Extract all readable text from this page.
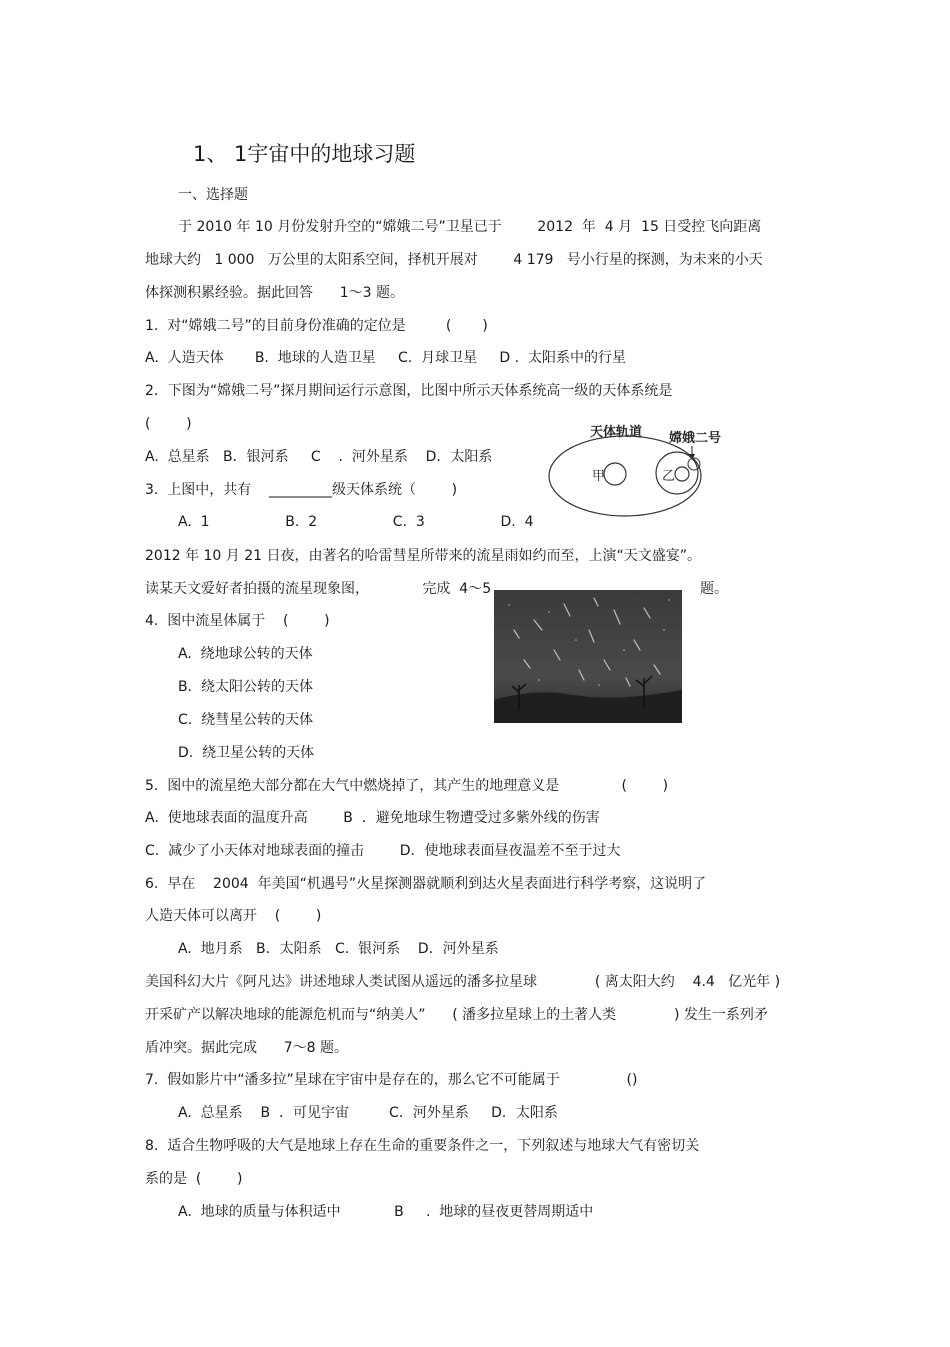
1、 1宇宙中的地球习题
一、选择题
于 2010 年 10 月份发射升空的“嫦娥二号”卫星已于        2012  年  4 月  15 日受控飞向距离
地球大约   1 000   万公里的太阳系空间，择机开展对        4 179   号小行星的探测，为未来的小天
体探测积累经验。据此回答      1～3 题。
1.  对“嫦娥二号”的目前身份准确的定位是         (       )
A.  人造天体       B.  地球的人造卫星     C.  月球卫星     D .  太阳系中的行星
2．下图为“嫦娥二号”探月期间运行示意图，比图中所示天体系统高一级的天体系统是
(        )
A.  总星系   B．银河系     C    .  河外星系    D．太阳系
3.  上图中，共有    _________级天体系统（        )
A.  1                 B.  2                 C.  3                 D.  4
天体轨道 嫦娥二号
甲	乙
2012 年 10 月 21 日夜，由著名的哈雷彗星所带来的流星雨如约而至，上演“天文盛宴”。
读某天文爱好者拍摄的流星现象图，            完成  4～5	题。
4.  图中流星体属于    (        )
A.  绕地球公转的天体
B.  绕太阳公转的天体
C.  绕彗星公转的天体
D.  绕卫星公转的天体
5.  图中的流星绝大部分都在大气中燃烧掉了，其产生的地理意义是              (        )
A.  使地球表面的温度升高        B  ．避免地球生物遭受过多紫外线的伤害
C.  减少了小天体对地球表面的撞击        D．使地球表面昼夜温差不至于过大
6.  早在    2004  年美国“机遇号”火星探测器就顺利到达火星表面进行科学考察，这说明了
人造天体可以离开    (        )
A.  地月系   B．太阳系   C.  银河系    D．河外星系
美国科幻大片《阿凡达》讲述地球人类试图从遥远的潘多拉星球             ( 离太阳大约    4.4   亿光年 )
开采矿产以解决地球的能源危机而与“纳美人”      ( 潘多拉星球上的土著人类             ) 发生一系列矛
盾冲突。据此完成      7～8 题。
7.  假如影片中“潘多拉”星球在宇宙中是存在的，那么它不可能属于               ()
A.  总星系    B  ．可见宇宙         C．河外星系     D．太阳系
8.  适合生物呼吸的大气是地球上存在生命的重要条件之一，下列叙述与地球大气有密切关
系的是  (        )
A.  地球的质量与体积适中            B     .  地球的昼夜更替周期适中
